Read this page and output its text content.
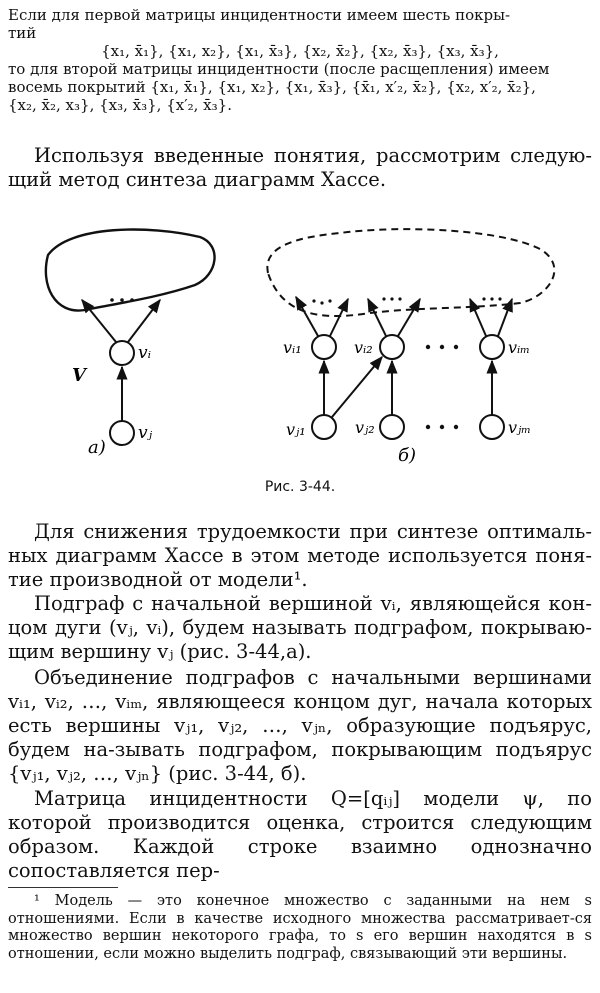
Если для первой матрицы инцидентности имеем шесть покры-
тий
{x₁, x̄₁}, {x₁, x₂}, {x₁, x̄₃}, {x₂, x̄₂}, {x₂, x̄₃}, {x₃, x̄₃},
то для второй матрицы инцидентности (после расщепления) имеем
восемь покрытий {x₁, x̄₁}, {x₁, x₂}, {x₁, x̄₃}, {x̄₁, x′₂, x̄₂}, {x₂, x′₂, x̄₂},
{x₂, x̄₂, x₃}, {x₃, x̄₃}, {x′₂, x̄₃}.

Используя введенные понятия, рассмотрим следую-щий метод синтеза диаграмм Хассе.

vᵢ
vⱼ
V
а)
vᵢ₁	vᵢ₂	vᵢₘ
vⱼ₁	vⱼ₂	vⱼₘ
б)
Рис. 3-44.

Для снижения трудоемкости при синтезе оптималь-ных диаграмм Хассе в этом методе используется поня-тие производной от модели¹.

Подграф с начальной вершиной vᵢ, являющейся кон-цом дуги (vⱼ, vᵢ), будем называть подграфом, покрываю-щим вершину vⱼ (рис. 3-44,а).

Объединение подграфов с начальными вершинами vᵢ₁, vᵢ₂, …, vᵢₘ, являющееся концом дуг, начала которых есть вершины vⱼ₁, vⱼ₂, …, vⱼₙ, образующие подъярус, будем на-зывать подграфом, покрывающим подъярус {vⱼ₁, vⱼ₂, …, vⱼₙ} (рис. 3-44, б).

Матрица инцидентности Q=[qᵢⱼ] модели ψ, по которой производится оценка, строится следующим образом. Каждой строке взаимно однозначно сопоставляется пер-

¹ Модель — это конечное множество с заданными на нем s отношениями. Если в качестве исходного множества рассматривает-ся множество вершин некоторого графа, то s его вершин находятся в s отношении, если можно выделить подграф, связывающий эти вершины.
